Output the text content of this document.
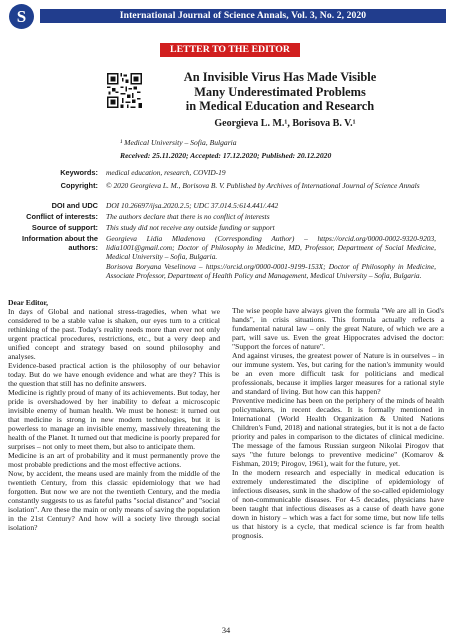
S	International Journal of Science Annals, Vol. 3, No. 2, 2020
LETTER TO THE EDITOR
An Invisible Virus Has Made Visible
Many Underestimated Problems
in Medical Education and Research
Georgieva L. M.¹, Borisova B. V.¹
¹ Medical University – Sofia, Bulgaria
Received: 25.11.2020; Accepted: 17.12.2020; Published: 20.12.2020
Keywords: medical education, research, COVID-19
Copyright: © 2020 Georgieva L. M., Borisova B. V. Published by Archives of International Journal of Science Annals
DOI and UDC DOI 10.26697/ijsa.2020.2.5; UDC 37.014.5:614.441/.442
Conflict of interests: The authors declare that there is no conflict of interests
Source of support: This study did not receive any outside funding or support

Dear Editor,

In days of Global and national stress-tragedies, when what we considered to be a stable value is shaken, our eyes turn to a critical rethinking of the past. Today's reality needs more than ever not only urgent practical procedures, restrictions, etc., but a very deep and unified concept and strategy based on sound philosophy and analyses.

Evidence-based practical action is the philosophy of our behavior today. But do we have enough evidence and what are they? This is the question that still has no definite answers.

Medicine is rightly proud of many of its achievements. But today, her pride is overshadowed by her inability to defeat a microscopic invisible enemy of human health. We must be honest: it turned out that medicine is strong in new modern technologies, but it is powerless to manage an invisible enemy, massively threatening the health of the Planet. It turned out that medicine is poorly prepared for surprises – not only to meet them, but also to anticipate them.

Medicine is an art of probability and it must permanently prove the most probable predictions and the most effective actions.

Now, by accident, the means used are mainly from the middle of the twentieth Century, from this classic epidemiology that we had forgotten. But now we are not the twentieth Century, and the media constantly suggests to us as fateful paths "social distance" and "social isolation". Are these the main or only means of saving the population in the 21st Century? And how will a society live through social isolation?

The wise people have always given the formula "We are all in God's hands", in crisis situations. This formula actually reflects a fundamental natural law – only the great Nature, of which we are a part, will save us. Even the great Hippocrates advised the doctor: "Support the forces of nature".

And against viruses, the greatest power of Nature is in ourselves – in our immune system. Yes, but caring for the nation's immunity would be an even more difficult task for politicians and medical professionals, because it implies larger measures for a rational style and standard of living. But how can this happen?

Preventive medicine has been on the periphery of the minds of health policymakers, in recent decades. It is formally mentioned in International (World Health Organization & United Nations Children's Fund, 2018) and national strategies, but it is not a de facto priority and pales in comparison to the dictates of clinical medicine. The message of the famous Russian surgeon Nikolai Pirogov that says "the future belongs to preventive medicine" (Komarov & Fishman, 2019; Pirogov, 1961), wait for the future, yet.

In the modern research and especially in medical education is extremely underestimated the discipline of epidemiology of infectious diseases, sunk in the shadow of the so-called epidemiology of non-communicable diseases. For 4-5 decades, physicians have been taught that infectious diseases as a cause of death have gone down in history – which was a fact for some time, but now life tells us that history is a cycle, that medical science is far from health prognosis.

34
Information about the authors:
Georgieva Lidia Mladenova (Corresponding Author) – https://orcid.org/0000-0002-9320-9203, lidia1001@gmail.com; Doctor of Philosophy in Medicine, MD, Professor, Department of Social Medicine, Medical University – Sofia, Bulgaria.
Borisova Boryana Veselinova – https://orcid.org/0000-0001-9199-153X; Doctor of Philosophy in Medicine, Associate Professor, Department of Health Policy and Management, Medical University – Sofia, Bulgaria.
